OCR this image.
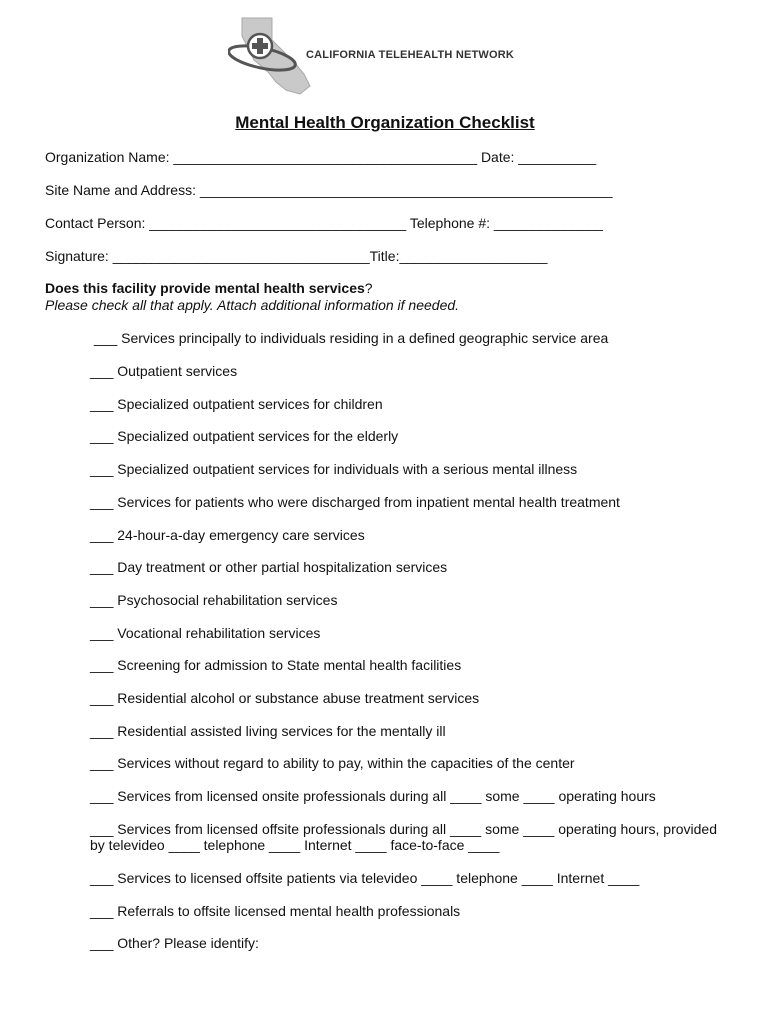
CALIFORNIA TELEHEALTH NETWORK
Mental Health Organization Checklist
Organization Name: _______________________________________ Date: __________
Site Name and Address: _____________________________________________________
Contact Person: _________________________________ Telephone #: ______________
Signature: _________________________________Title:___________________
Does this facility provide mental health services?
Please check all that apply. Attach additional information if needed.
___ Services principally to individuals residing in a defined geographic service area
___ Outpatient services
___ Specialized outpatient services for children
___ Specialized outpatient services for the elderly
___ Specialized outpatient services for individuals with a serious mental illness
___ Services for patients who were discharged from inpatient mental health treatment
___ 24-hour-a-day emergency care services
___ Day treatment or other partial hospitalization services
___ Psychosocial rehabilitation services
___ Vocational rehabilitation services
___ Screening for admission to State mental health facilities
___ Residential alcohol or substance abuse treatment services
___ Residential assisted living services for the mentally ill
___ Services without regard to ability to pay, within the capacities of the center
___ Services from licensed onsite professionals during all ____ some ____ operating hours
___ Services from licensed offsite professionals during all ____ some ____ operating hours, provided
by televideo ____ telephone ____ Internet ____ face-to-face ____
___ Services to licensed offsite patients via televideo ____ telephone ____ Internet ____
___ Referrals to offsite licensed mental health professionals
___ Other? Please identify:
